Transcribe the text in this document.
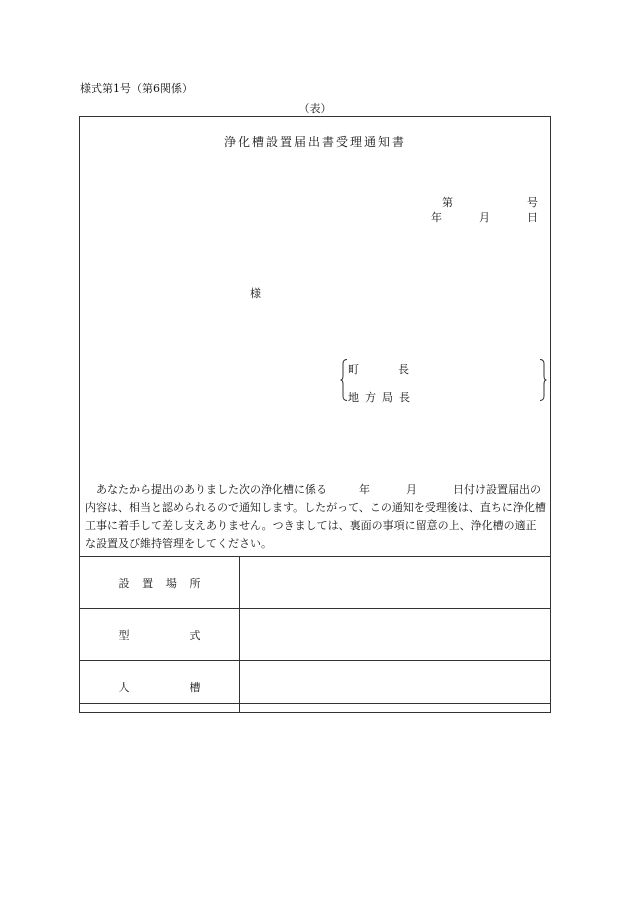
様式第1号（第6関係）
（表）
浄化槽設置届出書受理通知書
第	号
年	月	日
様
町	長
地 方 局 長

あなたから提出のありました次の浄化槽に係る	年	月	日付け設置届出の内容は、相当と認められるので通知します。したがって、この通知を受理後は、直ちに浄化槽工事に着手して差し支えありません。つきましては、裏面の事項に留意の上、浄化槽の適正な設置及び維持管理をしてください。

設 置 場 所	

型 式	

人 槽	
